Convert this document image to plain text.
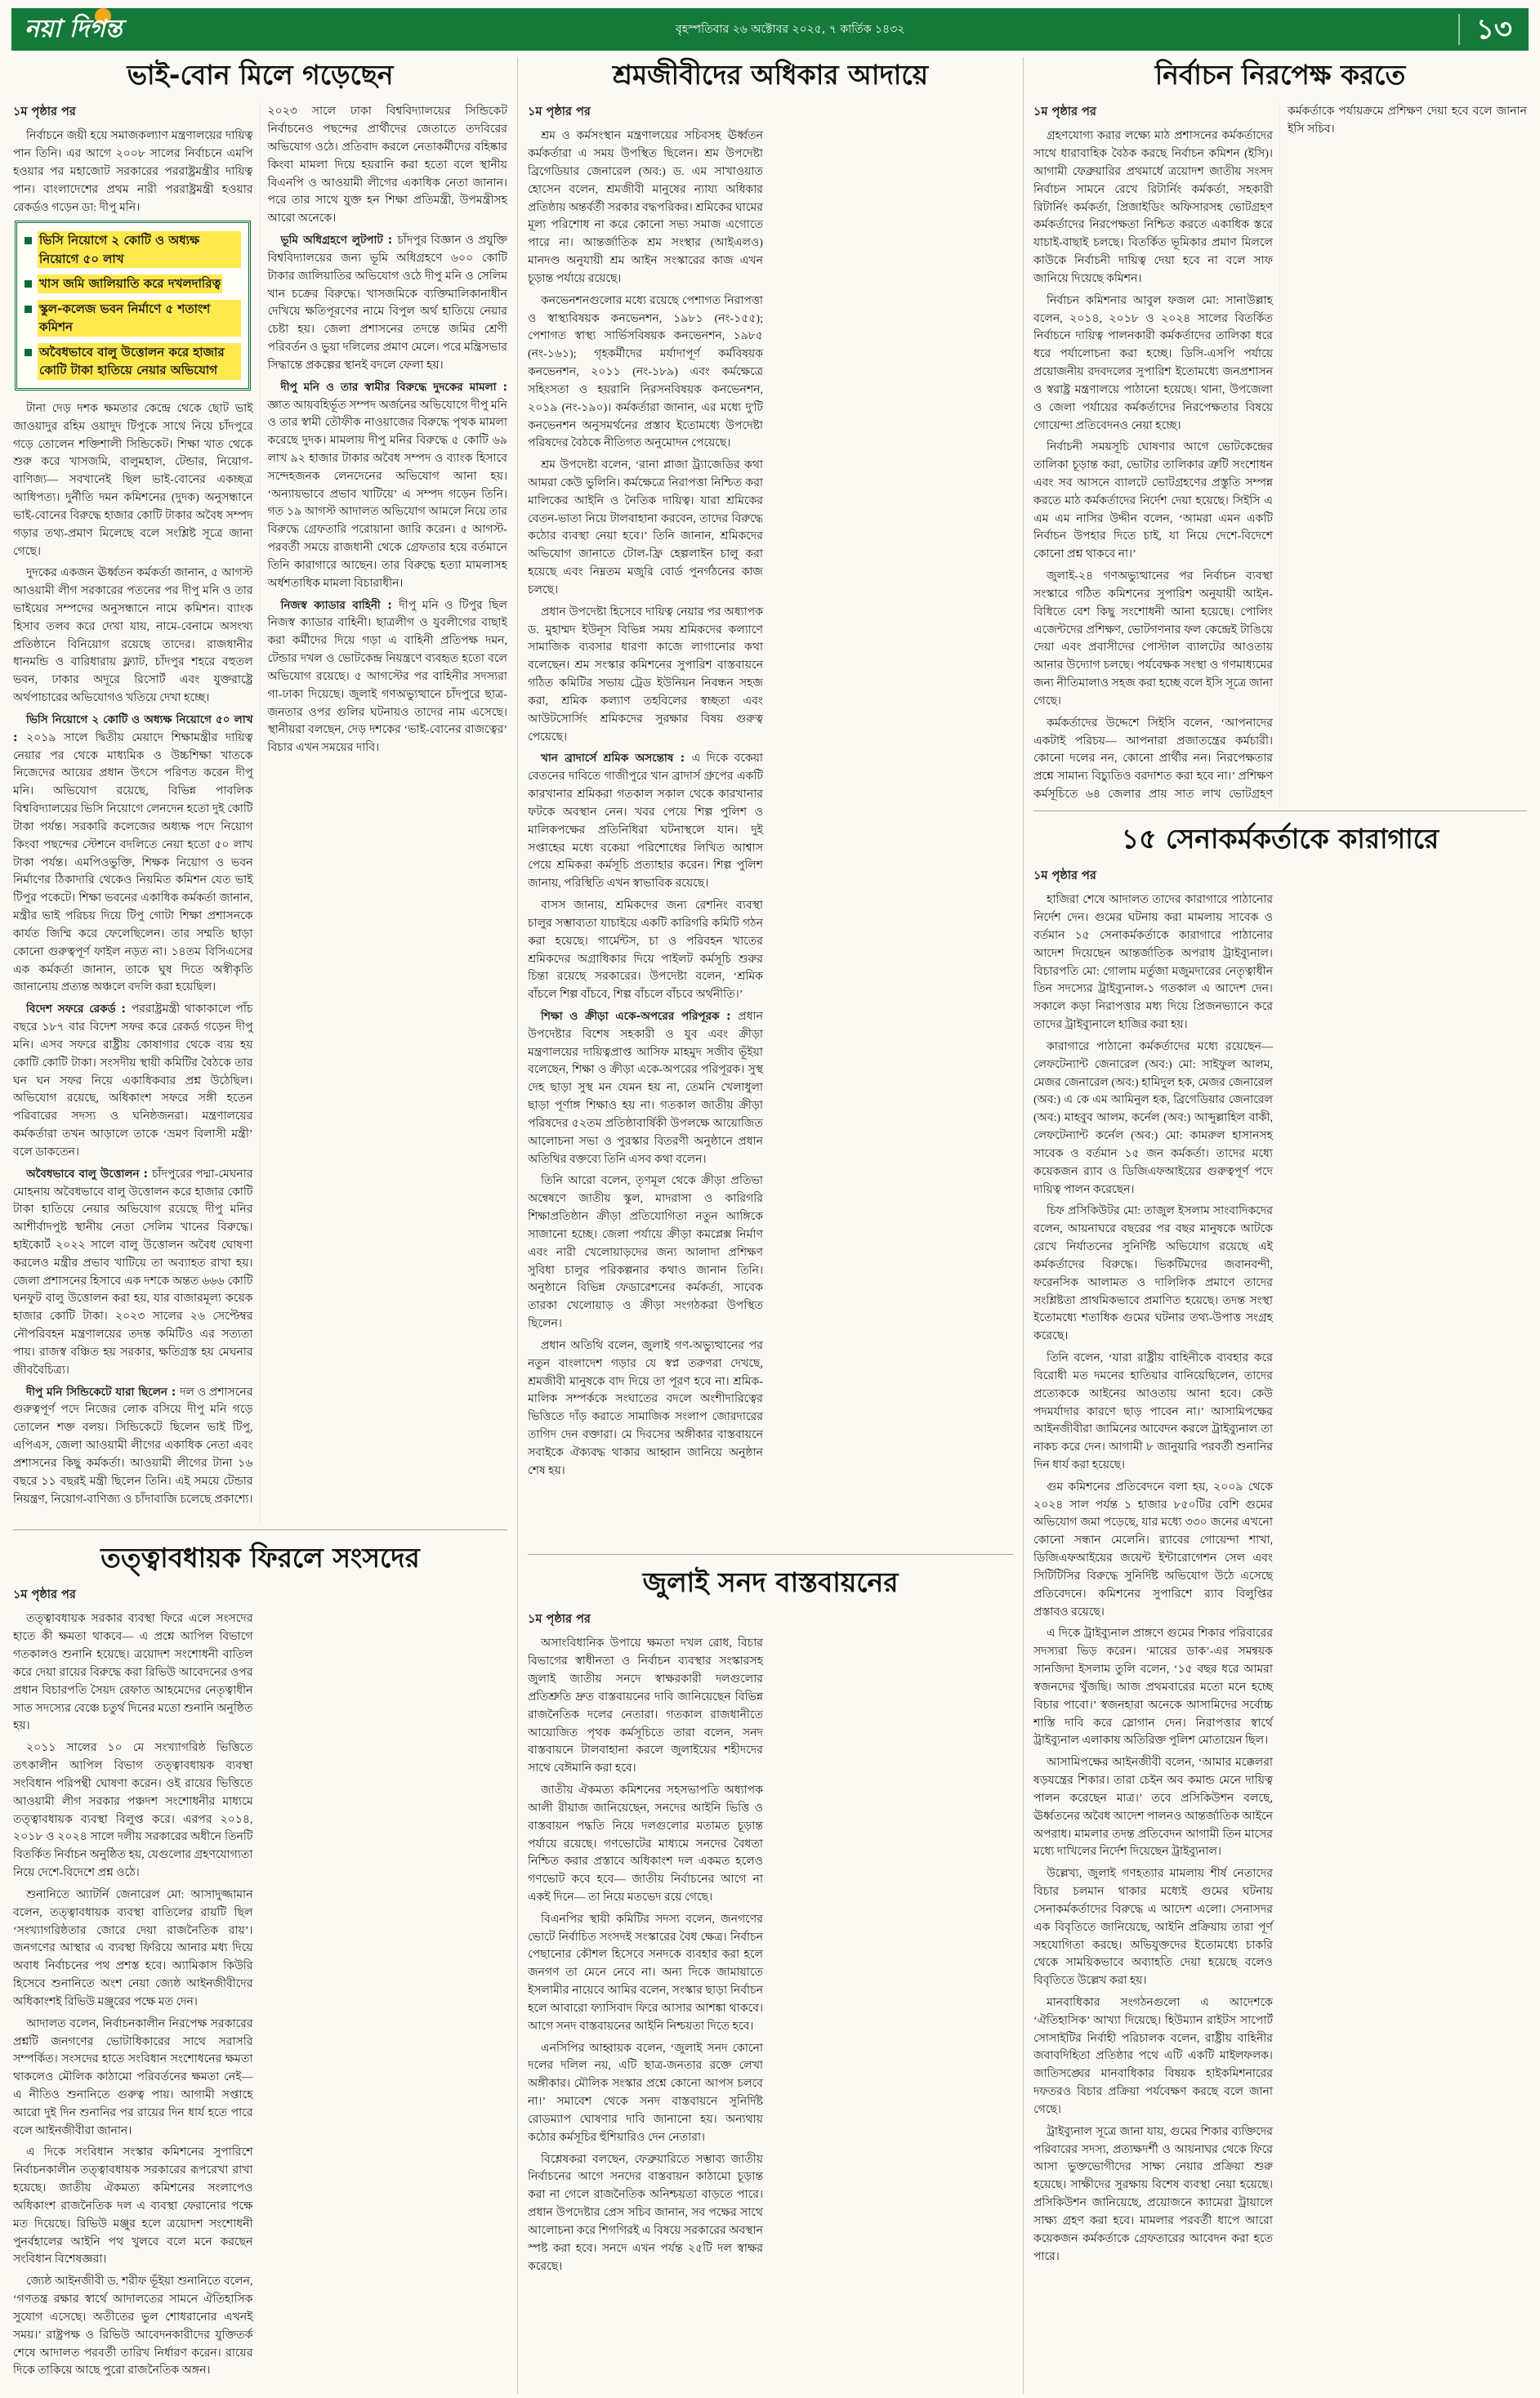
নয়া দিগন্ত	বৃহস্পতিবার ২৬ অক্টোবর ২০২৫, ৭ কার্তিক ১৪৩২	১৩
ভাই-বোন মিলে গড়েছেন
১ম পৃষ্ঠার পর

নির্বাচনে জয়ী হয়ে সমাজকল্যাণ মন্ত্রণালয়ের দায়িত্ব পান তিনি। এর আগে ২০০৮ সালের নির্বাচনে এমপি হওয়ার পর মহাজোট সরকারের পররাষ্ট্রমন্ত্রীর দায়িত্ব পান। বাংলাদেশের প্রথম নারী পররাষ্ট্রমন্ত্রী হওয়ার রেকর্ডও গড়েন ডা: দীপু মনি।

ভিসি নিয়োগে ২ কোটি ও অধ্যক্ষ নিয়োগে ৫০ লাখ
খাস জমি জালিয়াতি করে দখলদারিত্ব
স্কুল-কলেজ ভবন নির্মাণে ৫ শতাংশ কমিশন
অবৈধভাবে বালু উত্তোলন করে হাজার কোটি টাকা হাতিয়ে নেয়ার অভিযোগ

টানা দেড় দশক ক্ষমতার কেন্দ্রে থেকে ছোট ভাই জাওয়াদুর রহিম ওয়াদুদ টিপুকে সাথে নিয়ে চাঁদপুরে গড়ে তোলেন শক্তিশালী সিন্ডিকেট। শিক্ষা খাত থেকে শুরু করে খাসজমি, বালুমহাল, টেন্ডার, নিয়োগ-বাণিজ্য— সবখানেই ছিল ভাই-বোনের একচ্ছত্র আধিপত্য। দুর্নীতি দমন কমিশনের (দুদক) অনুসন্ধানে ভাই-বোনের বিরুদ্ধে হাজার কোটি টাকার অবৈধ সম্পদ গড়ার তথ্য-প্রমাণ মিলেছে বলে সংশ্লিষ্ট সূত্রে জানা গেছে।

দুদকের একজন ঊর্ধ্বতন কর্মকর্তা জানান, ৫ আগস্ট আওয়ামী লীগ সরকারের পতনের পর দীপু মনি ও তার ভাইয়ের সম্পদের অনুসন্ধানে নামে কমিশন। ব্যাংক হিসাব তলব করে দেখা যায়, নামে-বেনামে অসংখ্য প্রতিষ্ঠানে বিনিয়োগ রয়েছে তাদের। রাজধানীর ধানমন্ডি ও বারিধারায় ফ্ল্যাট, চাঁদপুর শহরে বহুতল ভবন, ঢাকার অদূরে রিসোর্ট এবং যুক্তরাষ্ট্রে অর্থপাচারের অভিযোগও খতিয়ে দেখা হচ্ছে।

ভিসি নিয়োগে ২ কোটি ও অধ্যক্ষ নিয়োগে ৫০ লাখ : ২০১৯ সালে দ্বিতীয় মেয়াদে শিক্ষামন্ত্রীর দায়িত্ব নেয়ার পর থেকে মাধ্যমিক ও উচ্চশিক্ষা খাতকে নিজেদের আয়ের প্রধান উৎসে পরিণত করেন দীপু মনি। অভিযোগ রয়েছে, বিভিন্ন পাবলিক বিশ্ববিদ্যালয়ের ভিসি নিয়োগে লেনদেন হতো দুই কোটি টাকা পর্যন্ত। সরকারি কলেজের অধ্যক্ষ পদে নিয়োগ কিংবা পছন্দের স্টেশনে বদলিতে নেয়া হতো ৫০ লাখ টাকা পর্যন্ত। এমপিওভুক্তি, শিক্ষক নিয়োগ ও ভবন নির্মাণের ঠিকাদারি থেকেও নিয়মিত কমিশন যেত ভাই টিপুর পকেটে। শিক্ষা ভবনের একাধিক কর্মকর্তা জানান, মন্ত্রীর ভাই পরিচয় দিয়ে টিপু গোটা শিক্ষা প্রশাসনকে কার্যত জিম্মি করে ফেলেছিলেন। তার সম্মতি ছাড়া কোনো গুরুত্বপূর্ণ ফাইল নড়ত না। ১৪তম বিসিএসের এক কর্মকর্তা জানান, তাকে ঘুষ দিতে অস্বীকৃতি জানানোয় প্রত্যন্ত অঞ্চলে বদলি করা হয়েছিল।

বিদেশ সফরে রেকর্ড : পররাষ্ট্রমন্ত্রী থাকাকালে পাঁচ বছরে ১৮৭ বার বিদেশ সফর করে রেকর্ড গড়েন দীপু মনি। এসব সফরে রাষ্ট্রীয় কোষাগার থেকে ব্যয় হয় কোটি কোটি টাকা। সংসদীয় স্থায়ী কমিটির বৈঠকে তার ঘন ঘন সফর নিয়ে একাধিকবার প্রশ্ন উঠেছিল। অভিযোগ রয়েছে, অধিকাংশ সফরে সঙ্গী হতেন পরিবারের সদস্য ও ঘনিষ্ঠজনরা। মন্ত্রণালয়ের কর্মকর্তারা তখন আড়ালে তাকে ‘ভ্রমণ বিলাসী মন্ত্রী’ বলে ডাকতেন।

অবৈধভাবে বালু উত্তোলন : চাঁদপুরের পদ্মা-মেঘনার মোহনায় অবৈধভাবে বালু উত্তোলন করে হাজার কোটি টাকা হাতিয়ে নেয়ার অভিযোগ রয়েছে দীপু মনির আশীর্বাদপুষ্ট স্থানীয় নেতা সেলিম খানের বিরুদ্ধে। হাইকোর্ট ২০২২ সালে বালু উত্তোলন অবৈধ ঘোষণা করলেও মন্ত্রীর প্রভাব খাটিয়ে তা অব্যাহত রাখা হয়। জেলা প্রশাসনের হিসাবে এক দশকে অন্তত ৬৬৬ কোটি ঘনফুট বালু উত্তোলন করা হয়, যার বাজারমূল্য কয়েক হাজার কোটি টাকা। ২০২৩ সালের ২৬ সেপ্টেম্বর নৌপরিবহন মন্ত্রণালয়ের তদন্ত কমিটিও এর সত্যতা পায়। রাজস্ব বঞ্চিত হয় সরকার, ক্ষতিগ্রস্ত হয় মেঘনার জীববৈচিত্র্য।

দীপু মনি সিন্ডিকেটে যারা ছিলেন : দল ও প্রশাসনের গুরুত্বপূর্ণ পদে নিজের লোক বসিয়ে দীপু মনি গড়ে তোলেন শক্ত বলয়। সিন্ডিকেটে ছিলেন ভাই টিপু, এপিএস, জেলা আওয়ামী লীগের একাধিক নেতা এবং প্রশাসনের কিছু কর্মকর্তা। আওয়ামী লীগের টানা ১৬ বছরে ১১ বছরই মন্ত্রী ছিলেন তিনি। এই সময়ে টেন্ডার নিয়ন্ত্রণ, নিয়োগ-বাণিজ্য ও চাঁদাবাজি চলেছে প্রকাশ্যে। ২০২৩ সালে ঢাকা বিশ্ববিদ্যালয়ের সিন্ডিকেট নির্বাচনেও পছন্দের প্রার্থীদের জেতাতে তদবিরের অভিযোগ ওঠে। প্রতিবাদ করলে নেতাকর্মীদের বহিষ্কার কিংবা মামলা দিয়ে হয়রানি করা হতো বলে স্থানীয় বিএনপি ও আওয়ামী লীগের একাধিক নেতা জানান। পরে তার সাথে যুক্ত হন শিক্ষা প্রতিমন্ত্রী, উপমন্ত্রীসহ আরো অনেকে।

ভূমি অধিগ্রহণে লুটপাট : চাঁদপুর বিজ্ঞান ও প্রযুক্তি বিশ্ববিদ্যালয়ের জন্য ভূমি অধিগ্রহণে ৬০০ কোটি টাকার জালিয়াতির অভিযোগ ওঠে দীপু মনি ও সেলিম খান চক্রের বিরুদ্ধে। খাসজমিকে ব্যক্তিমালিকানাধীন দেখিয়ে ক্ষতিপূরণের নামে বিপুল অর্থ হাতিয়ে নেয়ার চেষ্টা হয়। জেলা প্রশাসনের তদন্তে জমির শ্রেণী পরিবর্তন ও ভুয়া দলিলের প্রমাণ মেলে। পরে মন্ত্রিসভার সিদ্ধান্তে প্রকল্পের স্থানই বদলে ফেলা হয়।

দীপু মনি ও তার স্বামীর বিরুদ্ধে দুদকের মামলা : জ্ঞাত আয়বহির্ভূত সম্পদ অর্জনের অভিযোগে দীপু মনি ও তার স্বামী তৌফীক নাওয়াজের বিরুদ্ধে পৃথক মামলা করেছে দুদক। মামলায় দীপু মনির বিরুদ্ধে ৫ কোটি ৬৯ লাখ ৯২ হাজার টাকার অবৈধ সম্পদ ও ব্যাংক হিসাবে সন্দেহজনক লেনদেনের অভিযোগ আনা হয়। ‘অন্যায়ভাবে প্রভাব খাটিয়ে’ এ সম্পদ গড়েন তিনি। গত ১৯ আগস্ট আদালত অভিযোগ আমলে নিয়ে তার বিরুদ্ধে গ্রেফতারি পরোয়ানা জারি করেন। ৫ আগস্ট-পরবর্তী সময়ে রাজধানী থেকে গ্রেফতার হয়ে বর্তমানে তিনি কারাগারে আছেন। তার বিরুদ্ধে হত্যা মামলাসহ অর্ধশতাধিক মামলা বিচারাধীন।

নিজস্ব ক্যাডার বাহিনী : দীপু মনি ও টিপুর ছিল নিজস্ব ক্যাডার বাহিনী। ছাত্রলীগ ও যুবলীগের বাছাই করা কর্মীদের দিয়ে গড়া এ বাহিনী প্রতিপক্ষ দমন, টেন্ডার দখল ও ভোটকেন্দ্র নিয়ন্ত্রণে ব্যবহৃত হতো বলে অভিযোগ রয়েছে। ৫ আগস্টের পর বাহিনীর সদস্যরা গা-ঢাকা দিয়েছে। জুলাই গণঅভ্যুত্থানে চাঁদপুরে ছাত্র-জনতার ওপর গুলির ঘটনায়ও তাদের নাম এসেছে। স্থানীয়রা বলছেন, দেড় দশকের ‘ভাই-বোনের রাজত্বের’ বিচার এখন সময়ের দাবি।

তত্ত্বাবধায়ক ফিরলে সংসদের
১ম পৃষ্ঠার পর

তত্ত্বাবধায়ক সরকার ব্যবস্থা ফিরে এলে সংসদের হাতে কী ক্ষমতা থাকবে— এ প্রশ্নে আপিল বিভাগে গতকালও শুনানি হয়েছে। ত্রয়োদশ সংশোধনী বাতিল করে দেয়া রায়ের বিরুদ্ধে করা রিভিউ আবেদনের ওপর প্রধান বিচারপতি সৈয়দ রেফাত আহমেদের নেতৃত্বাধীন সাত সদস্যের বেঞ্চে চতুর্থ দিনের মতো শুনানি অনুষ্ঠিত হয়।

২০১১ সালের ১০ মে সংখ্যাগরিষ্ঠ ভিত্তিতে তৎকালীন আপিল বিভাগ তত্ত্বাবধায়ক ব্যবস্থা সংবিধান পরিপন্থী ঘোষণা করেন। ওই রায়ের ভিত্তিতে আওয়ামী লীগ সরকার পঞ্চদশ সংশোধনীর মাধ্যমে তত্ত্বাবধায়ক ব্যবস্থা বিলুপ্ত করে। এরপর ২০১৪, ২০১৮ ও ২০২৪ সালে দলীয় সরকারের অধীনে তিনটি বিতর্কিত নির্বাচন অনুষ্ঠিত হয়, যেগুলোর গ্রহণযোগ্যতা নিয়ে দেশে-বিদেশে প্রশ্ন ওঠে।

শুনানিতে অ্যাটর্নি জেনারেল মো: আসাদুজ্জামান বলেন, তত্ত্বাবধায়ক ব্যবস্থা বাতিলের রায়টি ছিল ‘সংখ্যাগরিষ্ঠতার জোরে দেয়া রাজনৈতিক রায়’। জনগণের আস্থার এ ব্যবস্থা ফিরিয়ে আনার মধ্য দিয়ে অবাধ নির্বাচনের পথ প্রশস্ত হবে। অ্যামিকাস কিউরি হিসেবে শুনানিতে অংশ নেয়া জ্যেষ্ঠ আইনজীবীদের অধিকাংশই রিভিউ মঞ্জুরের পক্ষে মত দেন।

আদালত বলেন, নির্বাচনকালীন নিরপেক্ষ সরকারের প্রশ্নটি জনগণের ভোটাধিকারের সাথে সরাসরি সম্পর্কিত। সংসদের হাতে সংবিধান সংশোধনের ক্ষমতা থাকলেও মৌলিক কাঠামো পরিবর্তনের ক্ষমতা নেই— এ নীতিও শুনানিতে গুরুত্ব পায়। আগামী সপ্তাহে আরো দুই দিন শুনানির পর রায়ের দিন ধার্য হতে পারে বলে আইনজীবীরা জানান।

এ দিকে সংবিধান সংস্কার কমিশনের সুপারিশে নির্বাচনকালীন তত্ত্বাবধায়ক সরকারের রূপরেখা রাখা হয়েছে। জাতীয় ঐকমত্য কমিশনের সংলাপেও অধিকাংশ রাজনৈতিক দল এ ব্যবস্থা ফেরানোর পক্ষে মত দিয়েছে। রিভিউ মঞ্জুর হলে ত্রয়োদশ সংশোধনী পুনর্বহালের আইনি পথ খুলবে বলে মনে করছেন সংবিধান বিশেষজ্ঞরা।

জ্যেষ্ঠ আইনজীবী ড. শরীফ ভূঁইয়া শুনানিতে বলেন, ‘গণতন্ত্র রক্ষার স্বার্থে আদালতের সামনে ঐতিহাসিক সুযোগ এসেছে। অতীতের ভুল শোধরানোর এখনই সময়।’ রাষ্ট্রপক্ষ ও রিভিউ আবেদনকারীদের যুক্তিতর্ক শেষে আদালত পরবর্তী তারিখ নির্ধারণ করেন। রায়ের দিকে তাকিয়ে আছে পুরো রাজনৈতিক অঙ্গন।

শ্রমজীবীদের অধিকার আদায়ে
১ম পৃষ্ঠার পর

শ্রম ও কর্মসংস্থান মন্ত্রণালয়ের সচিবসহ ঊর্ধ্বতন কর্মকর্তারা এ সময় উপস্থিত ছিলেন। শ্রম উপদেষ্টা ব্রিগেডিয়ার জেনারেল (অব:) ড. এম সাখাওয়াত হোসেন বলেন, শ্রমজীবী মানুষের ন্যায্য অধিকার প্রতিষ্ঠায় অন্তর্বর্তী সরকার বদ্ধপরিকর। শ্রমিকের ঘামের মূল্য পরিশোধ না করে কোনো সভ্য সমাজ এগোতে পারে না। আন্তর্জাতিক শ্রম সংস্থার (আইএলও) মানদণ্ড অনুযায়ী শ্রম আইন সংস্কারের কাজ এখন চূড়ান্ত পর্যায়ে রয়েছে।

কনভেনশনগুলোর মধ্যে রয়েছে পেশাগত নিরাপত্তা ও স্বাস্থ্যবিষয়ক কনভেনশন, ১৯৮১ (নং-১৫৫); পেশাগত স্বাস্থ্য সার্ভিসবিষয়ক কনভেনশন, ১৯৮৫ (নং-১৬১); গৃহকর্মীদের মর্যাদাপূর্ণ কর্মবিষয়ক কনভেনশন, ২০১১ (নং-১৮৯) এবং কর্মক্ষেত্রে সহিংসতা ও হয়রানি নিরসনবিষয়ক কনভেনশন, ২০১৯ (নং-১৯০)। কর্মকর্তারা জানান, এর মধ্যে দু'টি কনভেনশন অনুসমর্থনের প্রস্তাব ইতোমধ্যে উপদেষ্টা পরিষদের বৈঠকে নীতিগত অনুমোদন পেয়েছে।

শ্রম উপদেষ্টা বলেন, ‘রানা প্লাজা ট্র্যাজেডির কথা আমরা কেউ ভুলিনি। কর্মক্ষেত্রে নিরাপত্তা নিশ্চিত করা মালিকের আইনি ও নৈতিক দায়িত্ব। যারা শ্রমিকের বেতন-ভাতা নিয়ে টালবাহানা করবেন, তাদের বিরুদ্ধে কঠোর ব্যবস্থা নেয়া হবে।’ তিনি জানান, শ্রমিকদের অভিযোগ জানাতে টোল-ফ্রি হেল্পলাইন চালু করা হয়েছে এবং নিম্নতম মজুরি বোর্ড পুনর্গঠনের কাজ চলছে।

প্রধান উপদেষ্টা হিসেবে দায়িত্ব নেয়ার পর অধ্যাপক ড. মুহাম্মদ ইউনূস বিভিন্ন সময় শ্রমিকদের কল্যাণে সামাজিক ব্যবসার ধারণা কাজে লাগানোর কথা বলেছেন। শ্রম সংস্কার কমিশনের সুপারিশ বাস্তবায়নে গঠিত কমিটির সভায় ট্রেড ইউনিয়ন নিবন্ধন সহজ করা, শ্রমিক কল্যাণ তহবিলের স্বচ্ছতা এবং আউটসোর্সিং শ্রমিকদের সুরক্ষার বিষয় গুরুত্ব পেয়েছে।

খান ব্রাদার্সে শ্রমিক অসন্তোষ : এ দিকে বকেয়া বেতনের দাবিতে গাজীপুরে খান ব্রাদার্স গ্রুপের একটি কারখানার শ্রমিকরা গতকাল সকাল থেকে কারখানার ফটকে অবস্থান নেন। খবর পেয়ে শিল্প পুলিশ ও মালিকপক্ষের প্রতিনিধিরা ঘটনাস্থলে যান। দুই সপ্তাহের মধ্যে বকেয়া পরিশোধের লিখিত আশ্বাস পেয়ে শ্রমিকরা কর্মসূচি প্রত্যাহার করেন। শিল্প পুলিশ জানায়, পরিস্থিতি এখন স্বাভাবিক রয়েছে।

বাসস জানায়, শ্রমিকদের জন্য রেশনিং ব্যবস্থা চালুর সম্ভাব্যতা যাচাইয়ে একটি কারিগরি কমিটি গঠন করা হয়েছে। গার্মেন্টস, চা ও পরিবহন খাতের শ্রমিকদের অগ্রাধিকার দিয়ে পাইলট কর্মসূচি শুরুর চিন্তা রয়েছে সরকারের। উপদেষ্টা বলেন, ‘শ্রমিক বাঁচলে শিল্প বাঁচবে, শিল্প বাঁচলে বাঁচবে অর্থনীতি।’

শিক্ষা ও ক্রীড়া একে-অপরের পরিপূরক : প্রধান উপদেষ্টার বিশেষ সহকারী ও যুব এবং ক্রীড়া মন্ত্রণালয়ের দায়িত্বপ্রাপ্ত আসিফ মাহমুদ সজীব ভূঁইয়া বলেছেন, শিক্ষা ও ক্রীড়া একে-অপরের পরিপূরক। সুস্থ দেহ ছাড়া সুস্থ মন যেমন হয় না, তেমনি খেলাধুলা ছাড়া পূর্ণাঙ্গ শিক্ষাও হয় না। গতকাল জাতীয় ক্রীড়া পরিষদের ৫২তম প্রতিষ্ঠাবার্ষিকী উপলক্ষে আয়োজিত আলোচনা সভা ও পুরস্কার বিতরণী অনুষ্ঠানে প্রধান অতিথির বক্তব্যে তিনি এসব কথা বলেন।

তিনি আরো বলেন, তৃণমূল থেকে ক্রীড়া প্রতিভা অন্বেষণে জাতীয় স্কুল, মাদরাসা ও কারিগরি শিক্ষাপ্রতিষ্ঠান ক্রীড়া প্রতিযোগিতা নতুন আঙ্গিকে সাজানো হচ্ছে। জেলা পর্যায়ে ক্রীড়া কমপ্লেক্স নির্মাণ এবং নারী খেলোয়াড়দের জন্য আলাদা প্রশিক্ষণ সুবিধা চালুর পরিকল্পনার কথাও জানান তিনি। অনুষ্ঠানে বিভিন্ন ফেডারেশনের কর্মকর্তা, সাবেক তারকা খেলোয়াড় ও ক্রীড়া সংগঠকরা উপস্থিত ছিলেন।

প্রধান অতিথি বলেন, জুলাই গণ-অভ্যুত্থানের পর নতুন বাংলাদেশ গড়ার যে স্বপ্ন তরুণরা দেখছে, শ্রমজীবী মানুষকে বাদ দিয়ে তা পূরণ হবে না। শ্রমিক-মালিক সম্পর্ককে সংঘাতের বদলে অংশীদারিত্বের ভিত্তিতে দাঁড় করাতে সামাজিক সংলাপ জোরদারের তাগিদ দেন বক্তারা। মে দিবসের অঙ্গীকার বাস্তবায়নে সবাইকে ঐক্যবদ্ধ থাকার আহ্বান জানিয়ে অনুষ্ঠান শেষ হয়।

জুলাই সনদ বাস্তবায়নের
১ম পৃষ্ঠার পর

অসাংবিধানিক উপায়ে ক্ষমতা দখল রোধ, বিচার বিভাগের স্বাধীনতা ও নির্বাচন ব্যবস্থার সংস্কারসহ জুলাই জাতীয় সনদে স্বাক্ষরকারী দলগুলোর প্রতিশ্রুতি দ্রুত বাস্তবায়নের দাবি জানিয়েছেন বিভিন্ন রাজনৈতিক দলের নেতারা। গতকাল রাজধানীতে আয়োজিত পৃথক কর্মসূচিতে তারা বলেন, সনদ বাস্তবায়নে টালবাহানা করলে জুলাইয়ের শহীদদের সাথে বেঈমানি করা হবে।

জাতীয় ঐকমত্য কমিশনের সহসভাপতি অধ্যাপক আলী রীয়াজ জানিয়েছেন, সনদের আইনি ভিত্তি ও বাস্তবায়ন পদ্ধতি নিয়ে দলগুলোর মতামত চূড়ান্ত পর্যায়ে রয়েছে। গণভোটের মাধ্যমে সনদের বৈধতা নিশ্চিত করার প্রস্তাবে অধিকাংশ দল একমত হলেও গণভোট কবে হবে— জাতীয় নির্বাচনের আগে না একই দিনে— তা নিয়ে মতভেদ রয়ে গেছে।

বিএনপির স্থায়ী কমিটির সদস্য বলেন, জনগণের ভোটে নির্বাচিত সংসদই সংস্কারের বৈধ ক্ষেত্র। নির্বাচন পেছানোর কৌশল হিসেবে সনদকে ব্যবহার করা হলে জনগণ তা মেনে নেবে না। অন্য দিকে জামায়াতে ইসলামীর নায়েবে আমির বলেন, সংস্কার ছাড়া নির্বাচন হলে আবারো ফ্যাসিবাদ ফিরে আসার আশঙ্কা থাকবে। আগে সনদ বাস্তবায়নের আইনি নিশ্চয়তা দিতে হবে।

এনসিপির আহ্বায়ক বলেন, ‘জুলাই সনদ কোনো দলের দলিল নয়, এটি ছাত্র-জনতার রক্তে লেখা অঙ্গীকার। মৌলিক সংস্কার প্রশ্নে কোনো আপস চলবে না।’ সমাবেশ থেকে সনদ বাস্তবায়নে সুনির্দিষ্ট রোডম্যাপ ঘোষণার দাবি জানানো হয়। অন্যথায় কঠোর কর্মসূচির হুঁশিয়ারিও দেন নেতারা।

বিশ্লেষকরা বলছেন, ফেব্রুয়ারিতে সম্ভাব্য জাতীয় নির্বাচনের আগে সনদের বাস্তবায়ন কাঠামো চূড়ান্ত করা না গেলে রাজনৈতিক অনিশ্চয়তা বাড়তে পারে। প্রধান উপদেষ্টার প্রেস সচিব জানান, সব পক্ষের সাথে আলোচনা করে শিগগিরই এ বিষয়ে সরকারের অবস্থান স্পষ্ট করা হবে। সনদে এখন পর্যন্ত ২৫টি দল স্বাক্ষর করেছে।

নির্বাচন নিরপেক্ষ করতে
১ম পৃষ্ঠার পর

গ্রহণযোগ্য করার লক্ষ্যে মাঠ প্রশাসনের কর্মকর্তাদের সাথে ধারাবাহিক বৈঠক করছে নির্বাচন কমিশন (ইসি)। আগামী ফেব্রুয়ারির প্রথমার্ধে ত্রয়োদশ জাতীয় সংসদ নির্বাচন সামনে রেখে রিটার্নিং কর্মকর্তা, সহকারী রিটার্নিং কর্মকর্তা, প্রিজাইডিং অফিসারসহ ভোটগ্রহণ কর্মকর্তাদের নিরপেক্ষতা নিশ্চিত করতে একাধিক স্তরে যাচাই-বাছাই চলছে। বিতর্কিত ভূমিকার প্রমাণ মিললে কাউকে নির্বাচনী দায়িত্ব দেয়া হবে না বলে সাফ জানিয়ে দিয়েছে কমিশন।

নির্বাচন কমিশনার আবুল ফজল মো: সানাউল্লাহ বলেন, ২০১৪, ২০১৮ ও ২০২৪ সালের বিতর্কিত নির্বাচনে দায়িত্ব পালনকারী কর্মকর্তাদের তালিকা ধরে ধরে পর্যালোচনা করা হচ্ছে। ডিসি-এসপি পর্যায়ে প্রয়োজনীয় রদবদলের সুপারিশ ইতোমধ্যে জনপ্রশাসন ও স্বরাষ্ট্র মন্ত্রণালয়ে পাঠানো হয়েছে। থানা, উপজেলা ও জেলা পর্যায়ের কর্মকর্তাদের নিরপেক্ষতার বিষয়ে গোয়েন্দা প্রতিবেদনও নেয়া হচ্ছে।

নির্বাচনী সময়সূচি ঘোষণার আগে ভোটকেন্দ্রের তালিকা চূড়ান্ত করা, ভোটার তালিকার ত্রুটি সংশোধন এবং সব আসনে ব্যালটে ভোটগ্রহণের প্রস্তুতি সম্পন্ন করতে মাঠ কর্মকর্তাদের নির্দেশ দেয়া হয়েছে। সিইসি এ এম এম নাসির উদ্দীন বলেন, ‘আমরা এমন একটি নির্বাচন উপহার দিতে চাই, যা নিয়ে দেশে-বিদেশে কোনো প্রশ্ন থাকবে না।’

জুলাই-২৪ গণঅভ্যুত্থানের পর নির্বাচন ব্যবস্থা সংস্কারে গঠিত কমিশনের সুপারিশ অনুযায়ী আইন-বিধিতে বেশ কিছু সংশোধনী আনা হয়েছে। পোলিং এজেন্টদের প্রশিক্ষণ, ভোটগণনার ফল কেন্দ্রেই টাঙিয়ে দেয়া এবং প্রবাসীদের পোস্টাল ব্যালটের আওতায় আনার উদ্যোগ চলছে। পর্যবেক্ষক সংস্থা ও গণমাধ্যমের জন্য নীতিমালাও সহজ করা হচ্ছে বলে ইসি সূত্রে জানা গেছে।

কর্মকর্তাদের উদ্দেশে সিইসি বলেন, ‘আপনাদের একটাই পরিচয়— আপনারা প্রজাতন্ত্রের কর্মচারী। কোনো দলের নন, কোনো প্রার্থীর নন। নিরপেক্ষতার প্রশ্নে সামান্য বিচ্যুতিও বরদাশত করা হবে না।’ প্রশিক্ষণ কর্মসূচিতে ৬৪ জেলার প্রায় সাত লাখ ভোটগ্রহণ কর্মকর্তাকে পর্যায়ক্রমে প্রশিক্ষণ দেয়া হবে বলে জানান ইসি সচিব।

১৫ সেনাকর্মকর্তাকে কারাগারে
১ম পৃষ্ঠার পর

হাজিরা শেষে আদালত তাদের কারাগারে পাঠানোর নির্দেশ দেন। গুমের ঘটনায় করা মামলায় সাবেক ও বর্তমান ১৫ সেনাকর্মকর্তাকে কারাগারে পাঠানোর আদেশ দিয়েছেন আন্তর্জাতিক অপরাধ ট্রাইব্যুনাল। বিচারপতি মো: গোলাম মর্তুজা মজুমদারের নেতৃত্বাধীন তিন সদস্যের ট্রাইব্যুনাল-১ গতকাল এ আদেশ দেন। সকালে কড়া নিরাপত্তার মধ্য দিয়ে প্রিজনভ্যানে করে তাদের ট্রাইব্যুনালে হাজির করা হয়।

কারাগারে পাঠানো কর্মকর্তাদের মধ্যে রয়েছেন— লেফটেন্যান্ট জেনারেল (অব:) মো: সাইফুল আলম, মেজর জেনারেল (অব:) হামিদুল হক, মেজর জেনারেল (অব:) এ কে এম আমিনুল হক, ব্রিগেডিয়ার জেনারেল (অব:) মাহবুব আলম, কর্নেল (অব:) আব্দুল্লাহিল বাকী, লেফটেন্যান্ট কর্নেল (অব:) মো: কামরুল হাসানসহ সাবেক ও বর্তমান ১৫ জন কর্মকর্তা। তাদের মধ্যে কয়েকজন র‍্যাব ও ডিজিএফআইয়ের গুরুত্বপূর্ণ পদে দায়িত্ব পালন করেছেন।

চিফ প্রসিকিউটর মো: তাজুল ইসলাম সাংবাদিকদের বলেন, আয়নাঘরে বছরের পর বছর মানুষকে আটকে রেখে নির্যাতনের সুনির্দিষ্ট অভিযোগ রয়েছে এই কর্মকর্তাদের বিরুদ্ধে। ভিকটিমদের জবানবন্দী, ফরেনসিক আলামত ও দালিলিক প্রমাণে তাদের সংশ্লিষ্টতা প্রাথমিকভাবে প্রমাণিত হয়েছে। তদন্ত সংস্থা ইতোমধ্যে শতাধিক গুমের ঘটনার তথ্য-উপাত্ত সংগ্রহ করেছে।

তিনি বলেন, ‘যারা রাষ্ট্রীয় বাহিনীকে ব্যবহার করে বিরোধী মত দমনের হাতিয়ার বানিয়েছিলেন, তাদের প্রত্যেককে আইনের আওতায় আনা হবে। কেউ পদমর্যাদার কারণে ছাড় পাবেন না।’ আসামিপক্ষের আইনজীবীরা জামিনের আবেদন করলে ট্রাইব্যুনাল তা নাকচ করে দেন। আগামী ৮ জানুয়ারি পরবর্তী শুনানির দিন ধার্য করা হয়েছে।

গুম কমিশনের প্রতিবেদনে বলা হয়, ২০০৯ থেকে ২০২৪ সাল পর্যন্ত ১ হাজার ৮৫০টির বেশি গুমের অভিযোগ জমা পড়েছে, যার মধ্যে ৩৩০ জনের এখনো কোনো সন্ধান মেলেনি। র‍্যাবের গোয়েন্দা শাখা, ডিজিএফআইয়ের জয়েন্ট ইন্টারোগেশন সেল এবং সিটিটিসির বিরুদ্ধে সুনির্দিষ্ট অভিযোগ উঠে এসেছে প্রতিবেদনে। কমিশনের সুপারিশে র‍্যাব বিলুপ্তির প্রস্তাবও রয়েছে।

এ দিকে ট্রাইব্যুনাল প্রাঙ্গণে গুমের শিকার পরিবারের সদস্যরা ভিড় করেন। ‘মায়ের ডাক’-এর সমন্বয়ক সানজিদা ইসলাম তুলি বলেন, ‘১৫ বছর ধরে আমরা স্বজনদের খুঁজছি। আজ প্রথমবারের মতো মনে হচ্ছে বিচার পাবো।’ স্বজনহারা অনেকে আসামিদের সর্বোচ্চ শাস্তি দাবি করে স্লোগান দেন। নিরাপত্তার স্বার্থে ট্রাইব্যুনাল এলাকায় অতিরিক্ত পুলিশ মোতায়েন ছিল।

আসামিপক্ষের আইনজীবী বলেন, ‘আমার মক্কেলরা ষড়যন্ত্রের শিকার। তারা চেইন অব কমান্ড মেনে দায়িত্ব পালন করেছেন মাত্র।’ তবে প্রসিকিউশন বলছে, ঊর্ধ্বতনের অবৈধ আদেশ পালনও আন্তর্জাতিক আইনে অপরাধ। মামলার তদন্ত প্রতিবেদন আগামী তিন মাসের মধ্যে দাখিলের নির্দেশ দিয়েছেন ট্রাইব্যুনাল।

উল্লেখ্য, জুলাই গণহত্যার মামলায় শীর্ষ নেতাদের বিচার চলমান থাকার মধ্যেই গুমের ঘটনায় সেনাকর্মকর্তাদের বিরুদ্ধে এ আদেশ এলো। সেনাসদর এক বিবৃতিতে জানিয়েছে, আইনি প্রক্রিয়ায় তারা পূর্ণ সহযোগিতা করছে। অভিযুক্তদের ইতোমধ্যে চাকরি থেকে সাময়িকভাবে অব্যাহতি দেয়া হয়েছে বলেও বিবৃতিতে উল্লেখ করা হয়।

মানবাধিকার সংগঠনগুলো এ আদেশকে ‘ঐতিহাসিক’ আখ্যা দিয়েছে। হিউম্যান রাইটস সাপোর্ট সোসাইটির নির্বাহী পরিচালক বলেন, রাষ্ট্রীয় বাহিনীর জবাবদিহিতা প্রতিষ্ঠার পথে এটি একটি মাইলফলক। জাতিসঙ্ঘের মানবাধিকার বিষয়ক হাইকমিশনারের দফতরও বিচার প্রক্রিয়া পর্যবেক্ষণ করছে বলে জানা গেছে।

ট্রাইব্যুনাল সূত্রে জানা যায়, গুমের শিকার ব্যক্তিদের পরিবারের সদস্য, প্রত্যক্ষদর্শী ও আয়নাঘর থেকে ফিরে আসা ভুক্তভোগীদের সাক্ষ্য নেয়ার প্রক্রিয়া শুরু হয়েছে। সাক্ষীদের সুরক্ষায় বিশেষ ব্যবস্থা নেয়া হয়েছে। প্রসিকিউশন জানিয়েছে, প্রয়োজনে ক্যামেরা ট্রায়ালে সাক্ষ্য গ্রহণ করা হবে। মামলার পরবর্তী ধাপে আরো কয়েকজন কর্মকর্তাকে গ্রেফতারের আবেদন করা হতে পারে।
